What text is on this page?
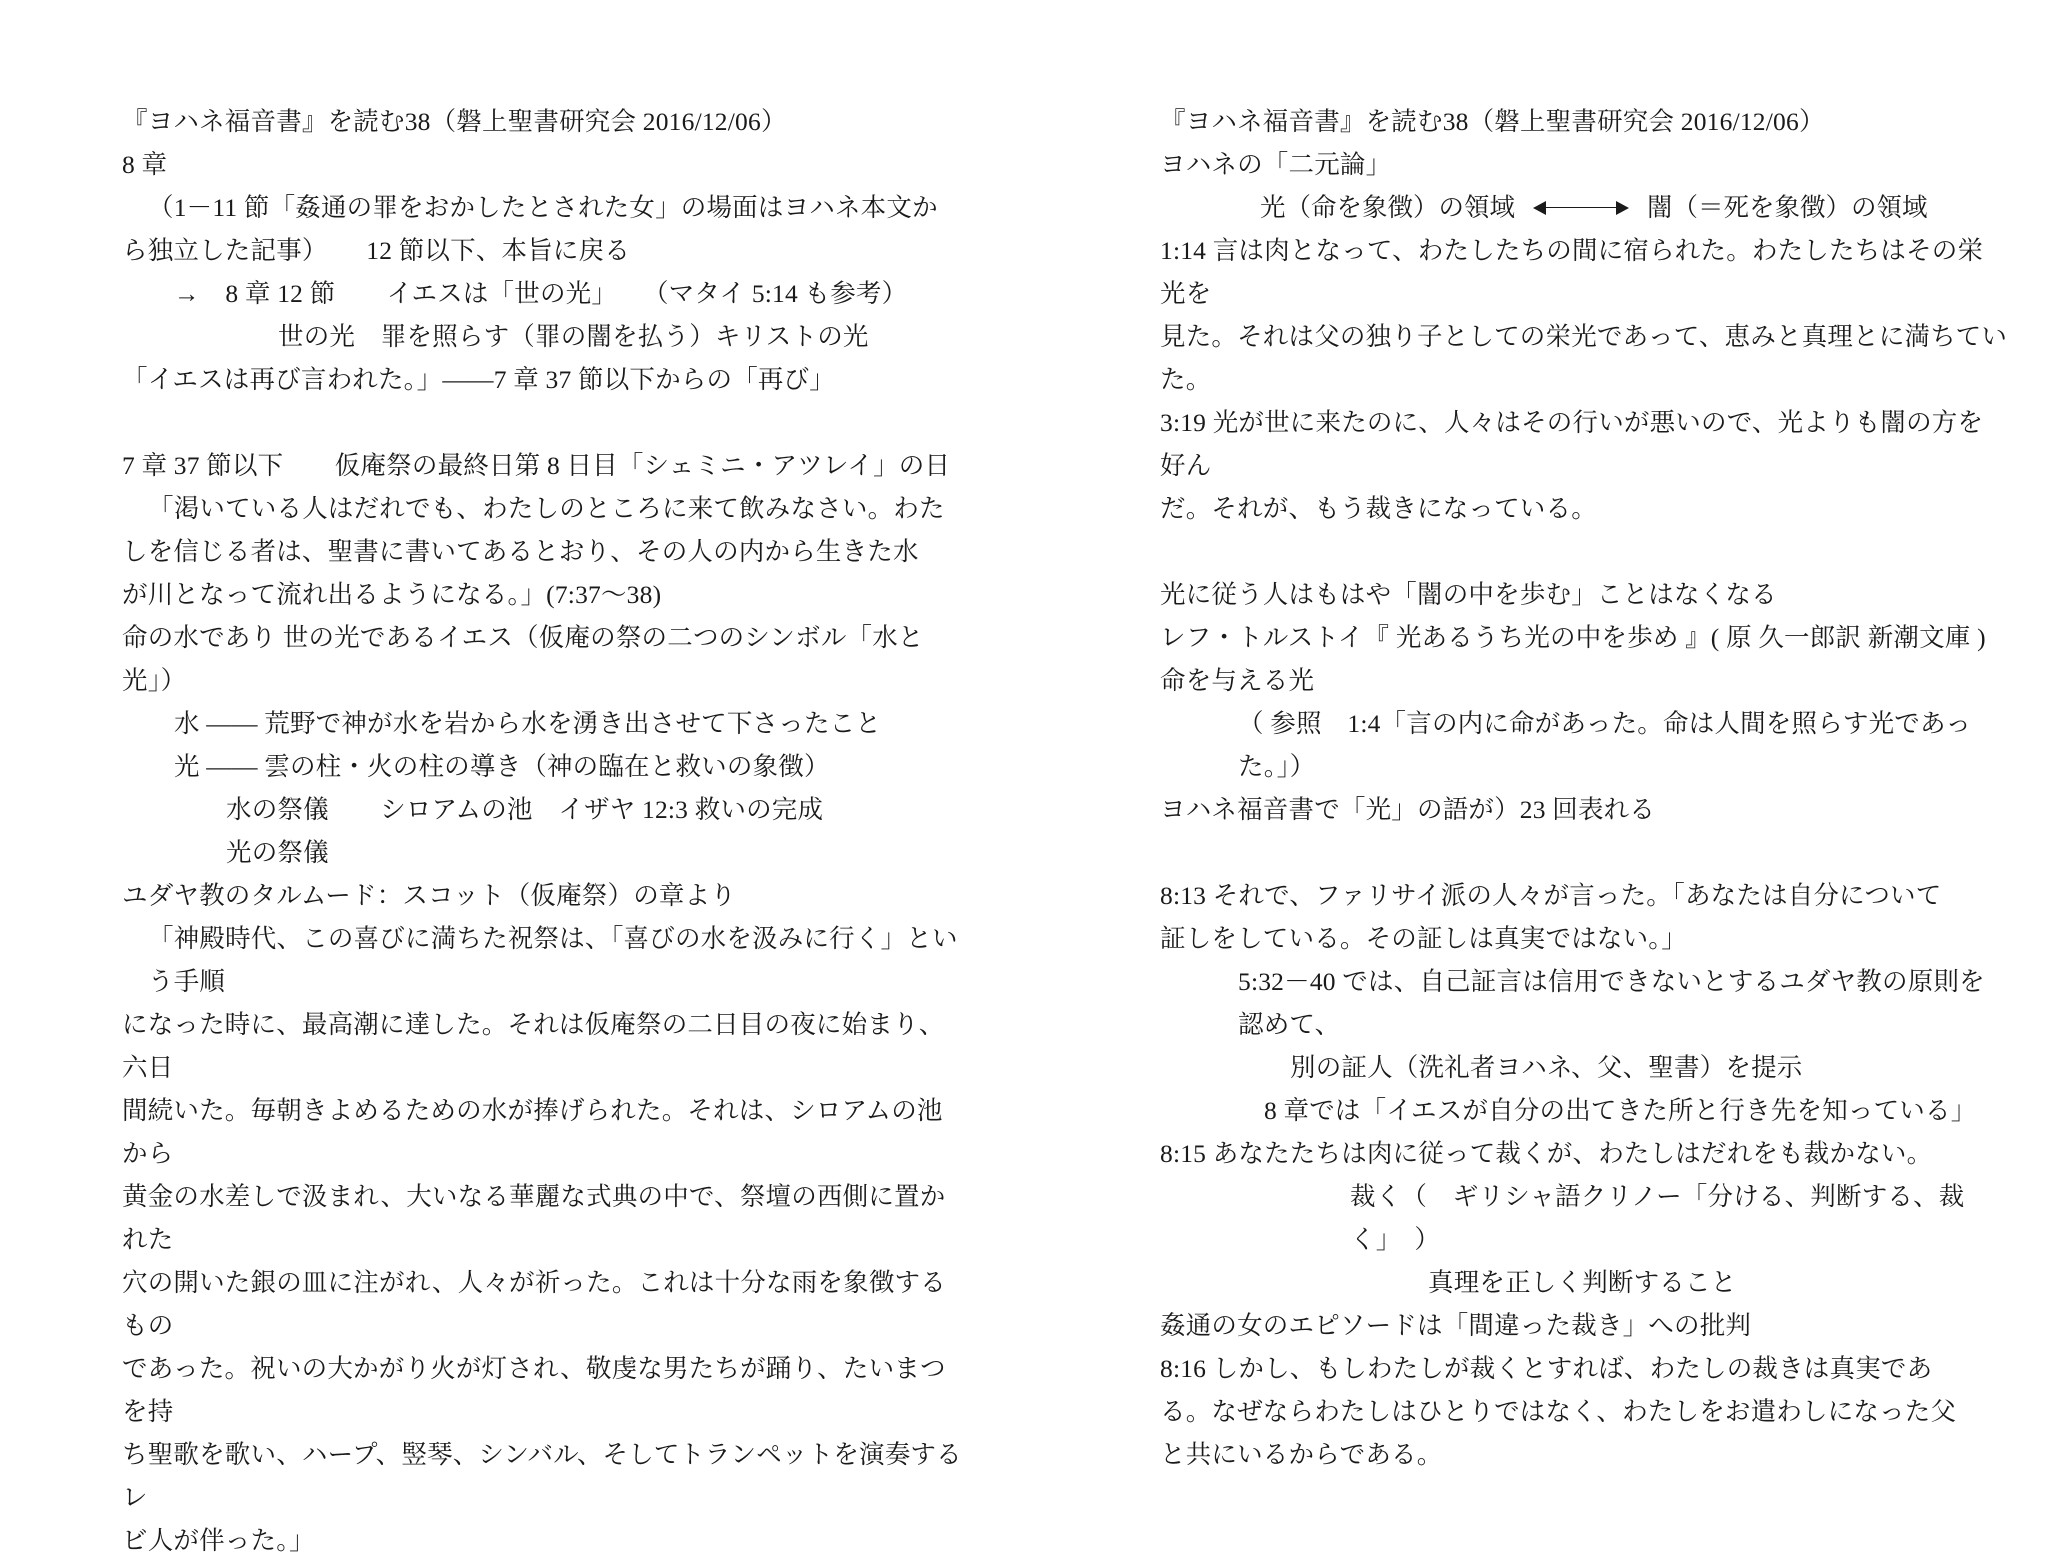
『ヨハネ福音書』を読む38（磐上聖書研究会 2016/12/06）
8 章
（1－11 節「姦通の罪をおかしたとされた女」の場面はヨハネ本文か
ら独立した記事）　　12 節以下、本旨に戻る
→　8 章 12 節　　イエスは「世の光」　　（マタイ 5:14 も参考）
世の光　罪を照らす（罪の闇を払う）キリストの光
「イエスは再び言われた。」――7 章 37 節以下からの「再び」
7 章 37 節以下　　仮庵祭の最終日第 8 日目「シェミニ・アツレイ」の日
「渇いている人はだれでも、わたしのところに来て飲みなさい。わた
しを信じる者は、聖書に書いてあるとおり、その人の内から生きた水
が川となって流れ出るようになる。」(7:37～38)
命の水であり 世の光であるイエス（仮庵の祭の二つのシンボル「水と光」）
水 ―― 荒野で神が水を岩から水を湧き出させて下さったこと
光 ―― 雲の柱・火の柱の導き（神の臨在と救いの象徴）
水の祭儀　　シロアムの池　イザヤ 12:3 救いの完成
光の祭儀
ユダヤ教のタルムード：スコット（仮庵祭）の章より
「神殿時代、この喜びに満ちた祝祭は、「喜びの水を汲みに行く」という手順
になった時に、最高潮に達した。それは仮庵祭の二日目の夜に始まり、六日
間続いた。毎朝きよめるための水が捧げられた。それは、シロアムの池から
黄金の水差しで汲まれ、大いなる華麗な式典の中で、祭壇の西側に置かれた
穴の開いた銀の皿に注がれ、人々が祈った。これは十分な雨を象徴するもの
であった。祝いの大かがり火が灯され、敬虔な男たちが踊り、たいまつを持
ち聖歌を歌い、ハープ、竪琴、シンバル、そしてトランペットを演奏するレ
ビ人が伴った。」
『ヨハネ福音書』を読む38（磐上聖書研究会 2016/12/06）
ヨハネの「二元論」
光（命を象徴）の領域	闇（＝死を象徴）の領域
1:14 言は肉となって、わたしたちの間に宿られた。わたしたちはその栄光を
見た。それは父の独り子としての栄光であって、恵みと真理とに満ちていた。
3:19 光が世に来たのに、人々はその行いが悪いので、光よりも闇の方を好ん
だ。それが、もう裁きになっている。
光に従う人はもはや「闇の中を歩む」ことはなくなる
レフ・トルストイ『 光あるうち光の中を歩め 』( 原 久一郎訳 新潮文庫 )
命を与える光
（ 参照　1:4「言の内に命があった。命は人間を照らす光であった。」）
ヨハネ福音書で「光」の語が）23 回表れる
8:13 それで、ファリサイ派の人々が言った。「あなたは自分について
証しをしている。その証しは真実ではない。」
5:32－40 では、自己証言は信用できないとするユダヤ教の原則を認めて、
別の証人（洗礼者ヨハネ、父、聖書）を提示
8 章では「イエスが自分の出てきた所と行き先を知っている」
8:15 あなたたちは肉に従って裁くが、わたしはだれをも裁かない。
裁く（　ギリシャ語クリノー「分ける、判断する、裁く」　）
真理を正しく判断すること
姦通の女のエピソードは「間違った裁き」への批判
8:16 しかし、もしわたしが裁くとすれば、わたしの裁きは真実であ
る。なぜならわたしはひとりではなく、わたしをお遣わしになった父
と共にいるからである。
